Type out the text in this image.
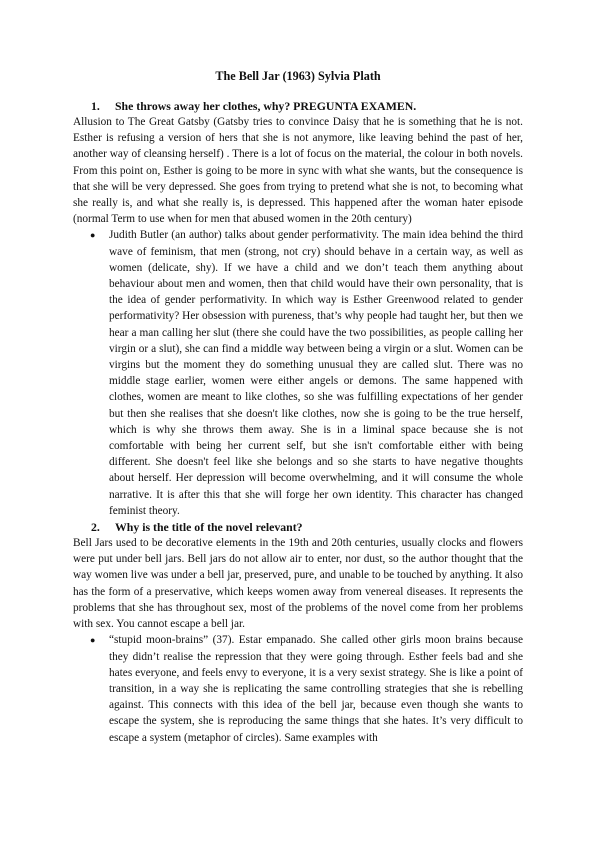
The Bell Jar (1963) Sylvia Plath
1. She throws away her clothes, why? PREGUNTA EXAMEN.

Allusion to The Great Gatsby (Gatsby tries to convince Daisy that he is something that he is not. Esther is refusing a version of hers that she is not anymore, like leaving behind the past of her, another way of cleansing herself) . There is a lot of focus on the material, the colour in both novels. From this point on, Esther is going to be more in sync with what she wants, but the consequence is that she will be very depressed. She goes from trying to pretend what she is not, to becoming what she really is, and what she really is, is depressed. This happened after the woman hater episode (normal Term to use when for men that abused women in the 20th century)

● Judith Butler (an author) talks about gender performativity. The main idea behind the third wave of feminism, that men (strong, not cry) should behave in a certain way, as well as women (delicate, shy). If we have a child and we don’t teach them anything about behaviour about men and women, then that child would have their own personality, that is the idea of gender performativity. In which way is Esther Greenwood related to gender performativity? Her obsession with pureness, that’s why people had taught her, but then we hear a man calling her slut (there she could have the two possibilities, as people calling her virgin or a slut), she can find a middle way between being a virgin or a slut. Women can be virgins but the moment they do something unusual they are called slut. There was no middle stage earlier, women were either angels or demons. The same happened with clothes, women are meant to like clothes, so she was fulfilling expectations of her gender but then she realises that she doesn't like clothes, now she is going to be the true herself, which is why she throws them away. She is in a liminal space because she is not comfortable with being her current self, but she isn't comfortable either with being different. She doesn't feel like she belongs and so she starts to have negative thoughts about herself. Her depression will become overwhelming, and it will consume the whole narrative. It is after this that she will forge her own identity. This character has changed feminist theory.
2. Why is the title of the novel relevant?

Bell Jars used to be decorative elements in the 19th and 20th centuries, usually clocks and flowers were put under bell jars. Bell jars do not allow air to enter, nor dust, so the author thought that the way women live was under a bell jar, preserved, pure, and unable to be touched by anything. It also has the form of a preservative, which keeps women away from venereal diseases. It represents the problems that she has throughout sex, most of the problems of the novel come from her problems with sex. You cannot escape a bell jar.

● “stupid moon-brains” (37). Estar empanado. She called other girls moon brains because they didn’t realise the repression that they were going through. Esther feels bad and she hates everyone, and feels envy to everyone, it is a very sexist strategy. She is like a point of transition, in a way she is replicating the same controlling strategies that she is rebelling against. This connects with this idea of the bell jar, because even though she wants to escape the system, she is reproducing the same things that she hates. It’s very difficult to escape a system (metaphor of circles). Same examples with
